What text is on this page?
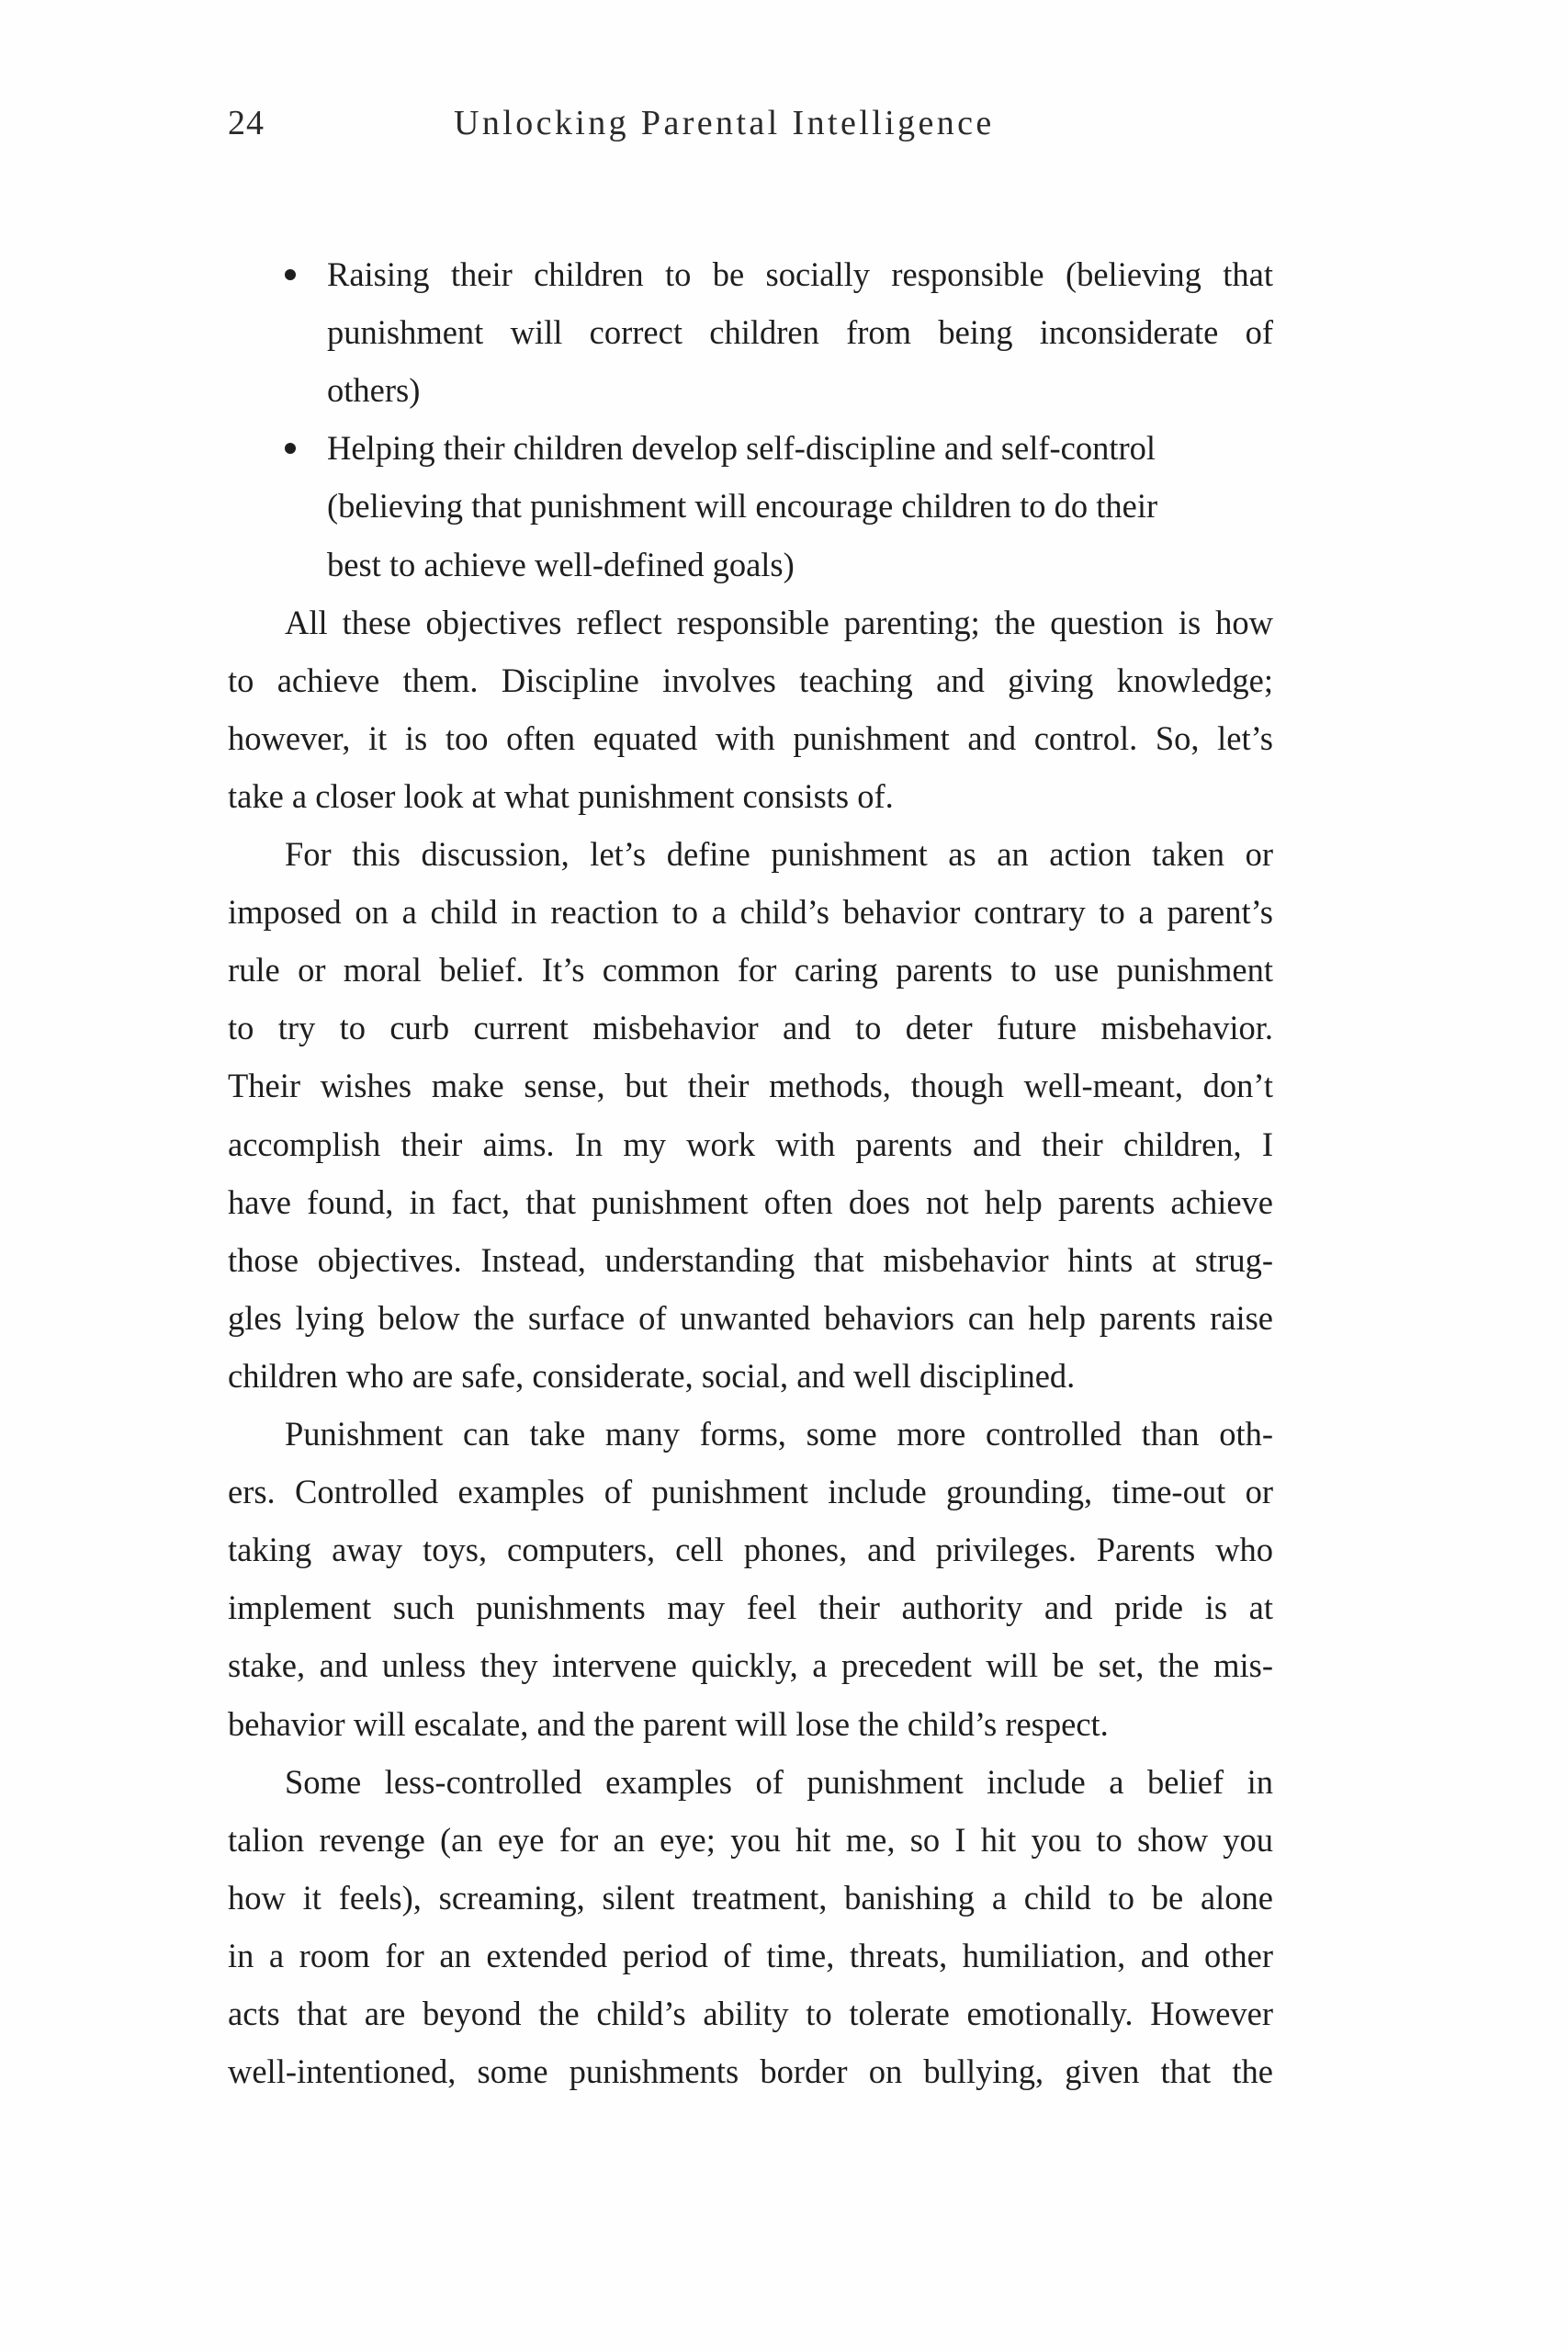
24	Unlocking Parental Intelligence
Raising their children to be socially responsible (believing that
punishment will correct children from being inconsiderate of
others)
Helping their children develop self-discipline and self-control
(believing that punishment will encourage children to do their
best to achieve well-defined goals)
All these objectives reflect responsible parenting; the question is how
to achieve them. Discipline involves teaching and giving knowledge;
however, it is too often equated with punishment and control. So, let’s
take a closer look at what punishment consists of.
For this discussion, let’s define punishment as an action taken or
imposed on a child in reaction to a child’s behavior contrary to a parent’s
rule or moral belief. It’s common for caring parents to use punishment
to try to curb current misbehavior and to deter future misbehavior.
Their wishes make sense, but their methods, though well-meant, don’t
accomplish their aims. In my work with parents and their children, I
have found, in fact, that punishment often does not help parents achieve
those objectives. Instead, understanding that misbehavior hints at strug-
gles lying below the surface of unwanted behaviors can help parents raise
children who are safe, considerate, social, and well disciplined.
Punishment can take many forms, some more controlled than oth-
ers. Controlled examples of punishment include grounding, time-out or
taking away toys, computers, cell phones, and privileges. Parents who
implement such punishments may feel their authority and pride is at
stake, and unless they intervene quickly, a precedent will be set, the mis-
behavior will escalate, and the parent will lose the child’s respect.
Some less-controlled examples of punishment include a belief in
talion revenge (an eye for an eye; you hit me, so I hit you to show you
how it feels), screaming, silent treatment, banishing a child to be alone
in a room for an extended period of time, threats, humiliation, and other
acts that are beyond the child’s ability to tolerate emotionally. However
well-intentioned, some punishments border on bullying, given that the
